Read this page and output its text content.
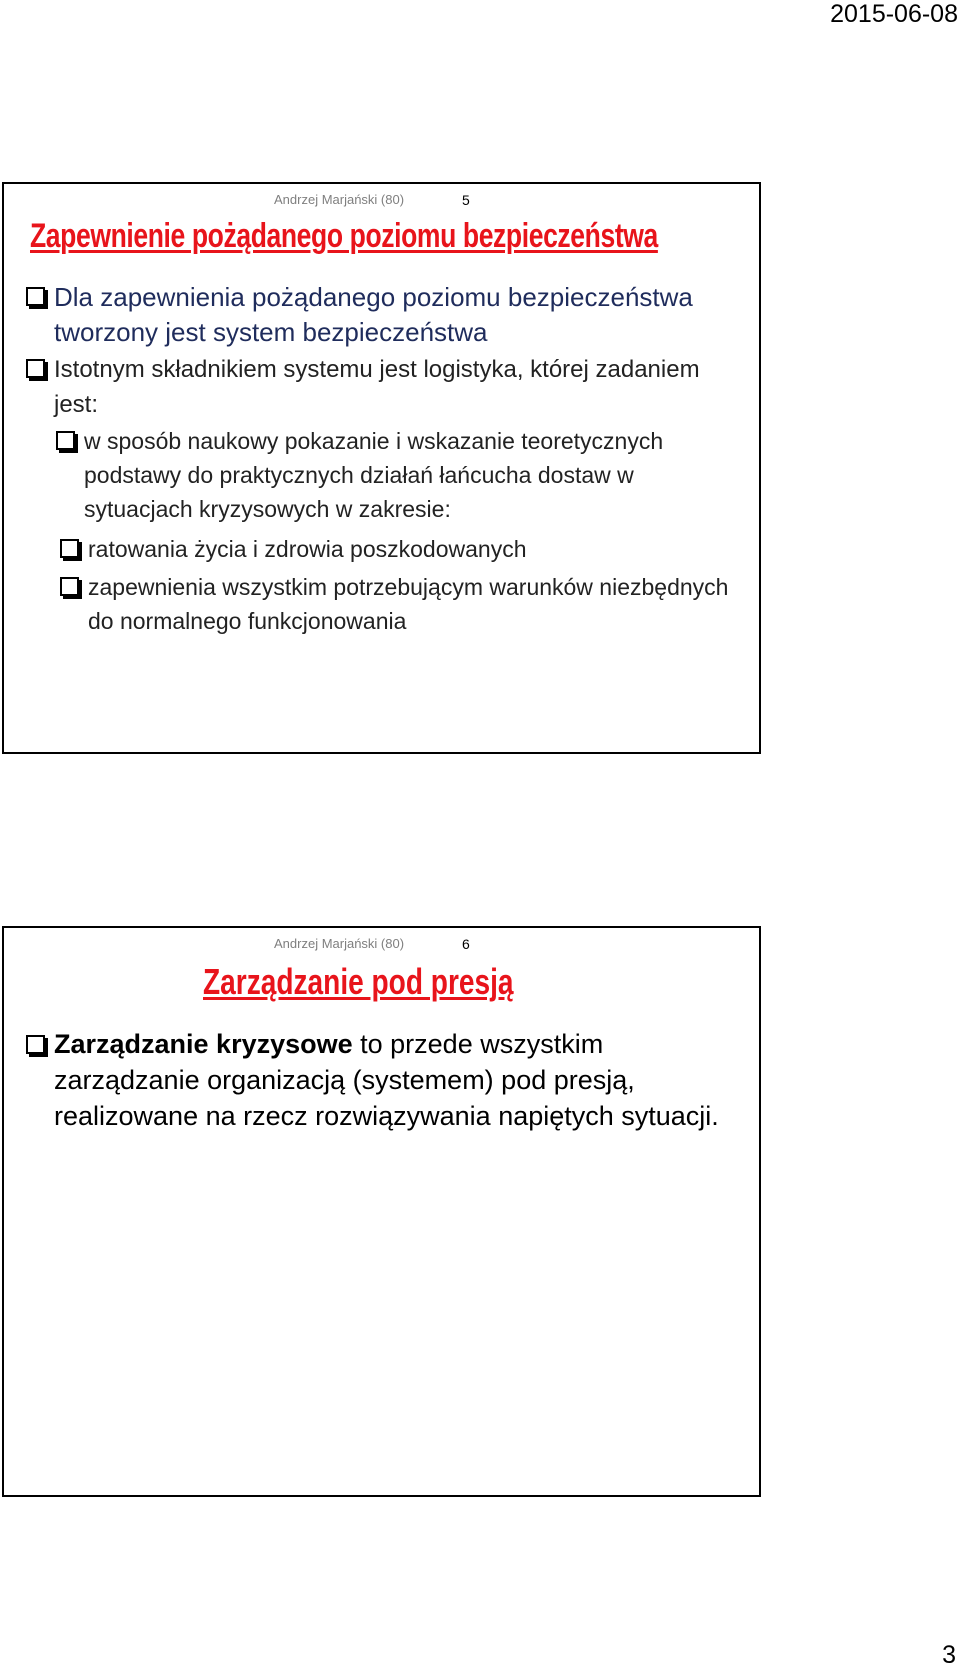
2015-06-08
Andrzej Marjański (80)	5
Zapewnienie pożądanego poziomu bezpieczeństwa
Dla zapewnienia pożądanego poziomu bezpieczeństwa tworzony jest system bezpieczeństwa
Istotnym składnikiem systemu jest logistyka, której zadaniem jest:
w sposób naukowy pokazanie i wskazanie teoretycznych podstawy do praktycznych działań łańcucha dostaw w sytuacjach kryzysowych w zakresie:
ratowania życia i zdrowia poszkodowanych
zapewnienia wszystkim potrzebującym warunków niezbędnych do normalnego funkcjonowania
Andrzej Marjański (80)	6
Zarządzanie pod presją
Zarządzanie kryzysowe to przede wszystkim zarządzanie organizacją (systemem) pod presją, realizowane na rzecz rozwiązywania napiętych sytuacji.
3
